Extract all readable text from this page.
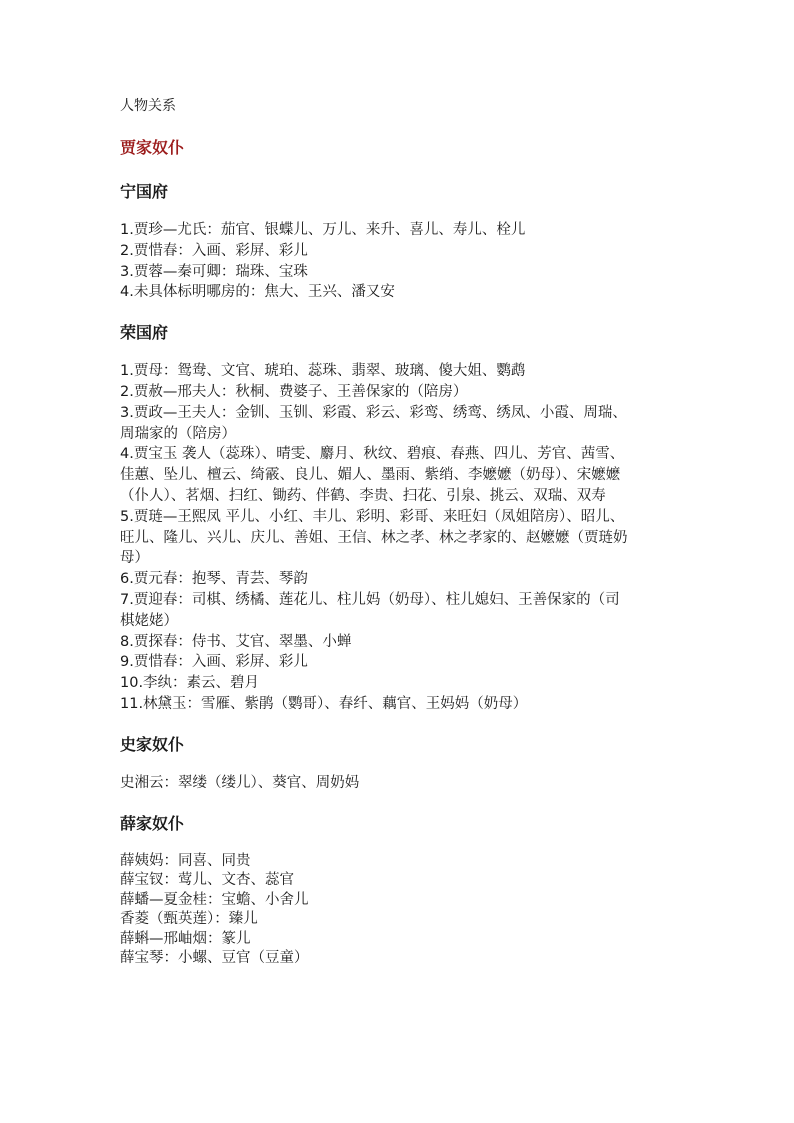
人物关系
贾家奴仆
宁国府
1.贾珍—尤氏：茄官、银蝶儿、万儿、来升、喜儿、寿儿、栓儿
2.贾惜春：入画、彩屏、彩儿
3.贾蓉—秦可卿：瑞珠、宝珠
4.未具体标明哪房的：焦大、王兴、潘又安
荣国府
1.贾母：鸳鸯、文官、琥珀、蕊珠、翡翠、玻璃、傻大姐、鹦鹉
2.贾赦—邢夫人：秋桐、费婆子、王善保家的（陪房）
3.贾政—王夫人：金钏、玉钏、彩霞、彩云、彩鸾、绣鸾、绣凤、小霞、周瑞、
周瑞家的（陪房）
4.贾宝玉 袭人（蕊珠）、晴雯、麝月、秋纹、碧痕、春燕、四儿、芳官、茜雪、
佳蕙、坠儿、檀云、绮霰、良儿、媚人、墨雨、紫绡、李嬷嬷（奶母）、宋嬷嬷
（仆人）、茗烟、扫红、锄药、伴鹤、李贵、扫花、引泉、挑云、双瑞、双寿
5.贾琏—王熙凤 平儿、小红、丰儿、彩明、彩哥、来旺妇（凤姐陪房）、昭儿、
旺儿、隆儿、兴儿、庆儿、善姐、王信、林之孝、林之孝家的、赵嬷嬷（贾琏奶
母）
6.贾元春：抱琴、青芸、琴韵
7.贾迎春：司棋、绣橘、莲花儿、柱儿妈（奶母）、柱儿媳妇、王善保家的（司
棋姥姥）
8.贾探春：侍书、艾官、翠墨、小蝉
9.贾惜春：入画、彩屏、彩儿
10.李纨：素云、碧月
11.林黛玉：雪雁、紫鹃（鹦哥）、春纤、藕官、王妈妈（奶母）
史家奴仆
史湘云：翠缕（缕儿）、葵官、周奶妈
薛家奴仆
薛姨妈：同喜、同贵
薛宝钗：莺儿、文杏、蕊官
薛蟠—夏金桂：宝蟾、小舍儿
香菱（甄英莲）：臻儿
薛蝌—邢岫烟：篆儿
薛宝琴：小螺、豆官（豆童）
